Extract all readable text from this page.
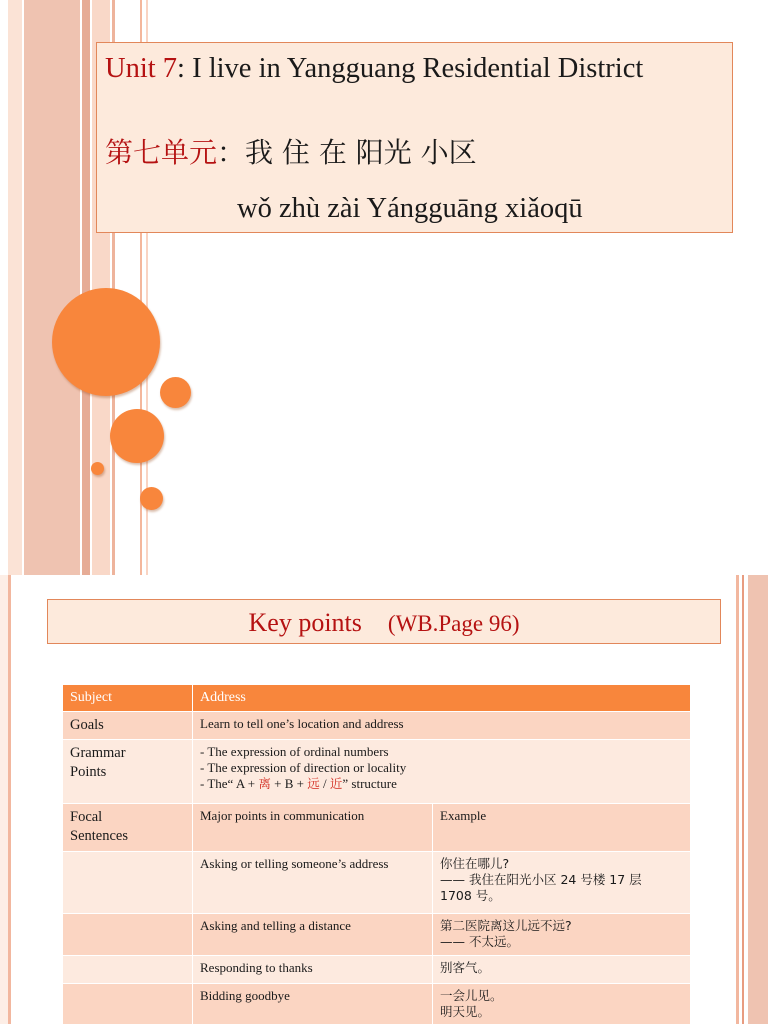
Unit 7: I live in Yangguang Residential District
第七单元：我 住 在 阳光 小区
wǒ zhù zài Yángguāng xiǎoqū
Key points (WB.Page 96)
Subject	Address	
Goals	Learn to tell one’s location and address	

Grammar
Points	- The expression of ordinal numbers
- The expression of direction or locality
- The“ A + 离 + B + 远 / 近” structure	

Focal
Sentences	Major points in communication	Example
	Asking or telling someone’s address	你住在哪儿?
—— 我住在阳光小区 24 号楼 17 层
1708 号。

	Asking and telling a distance	第二医院离这儿远不远?
—— 不太远。

	Responding to thanks	别客气。

	Bidding goodbye	一会儿见。
明天见。
